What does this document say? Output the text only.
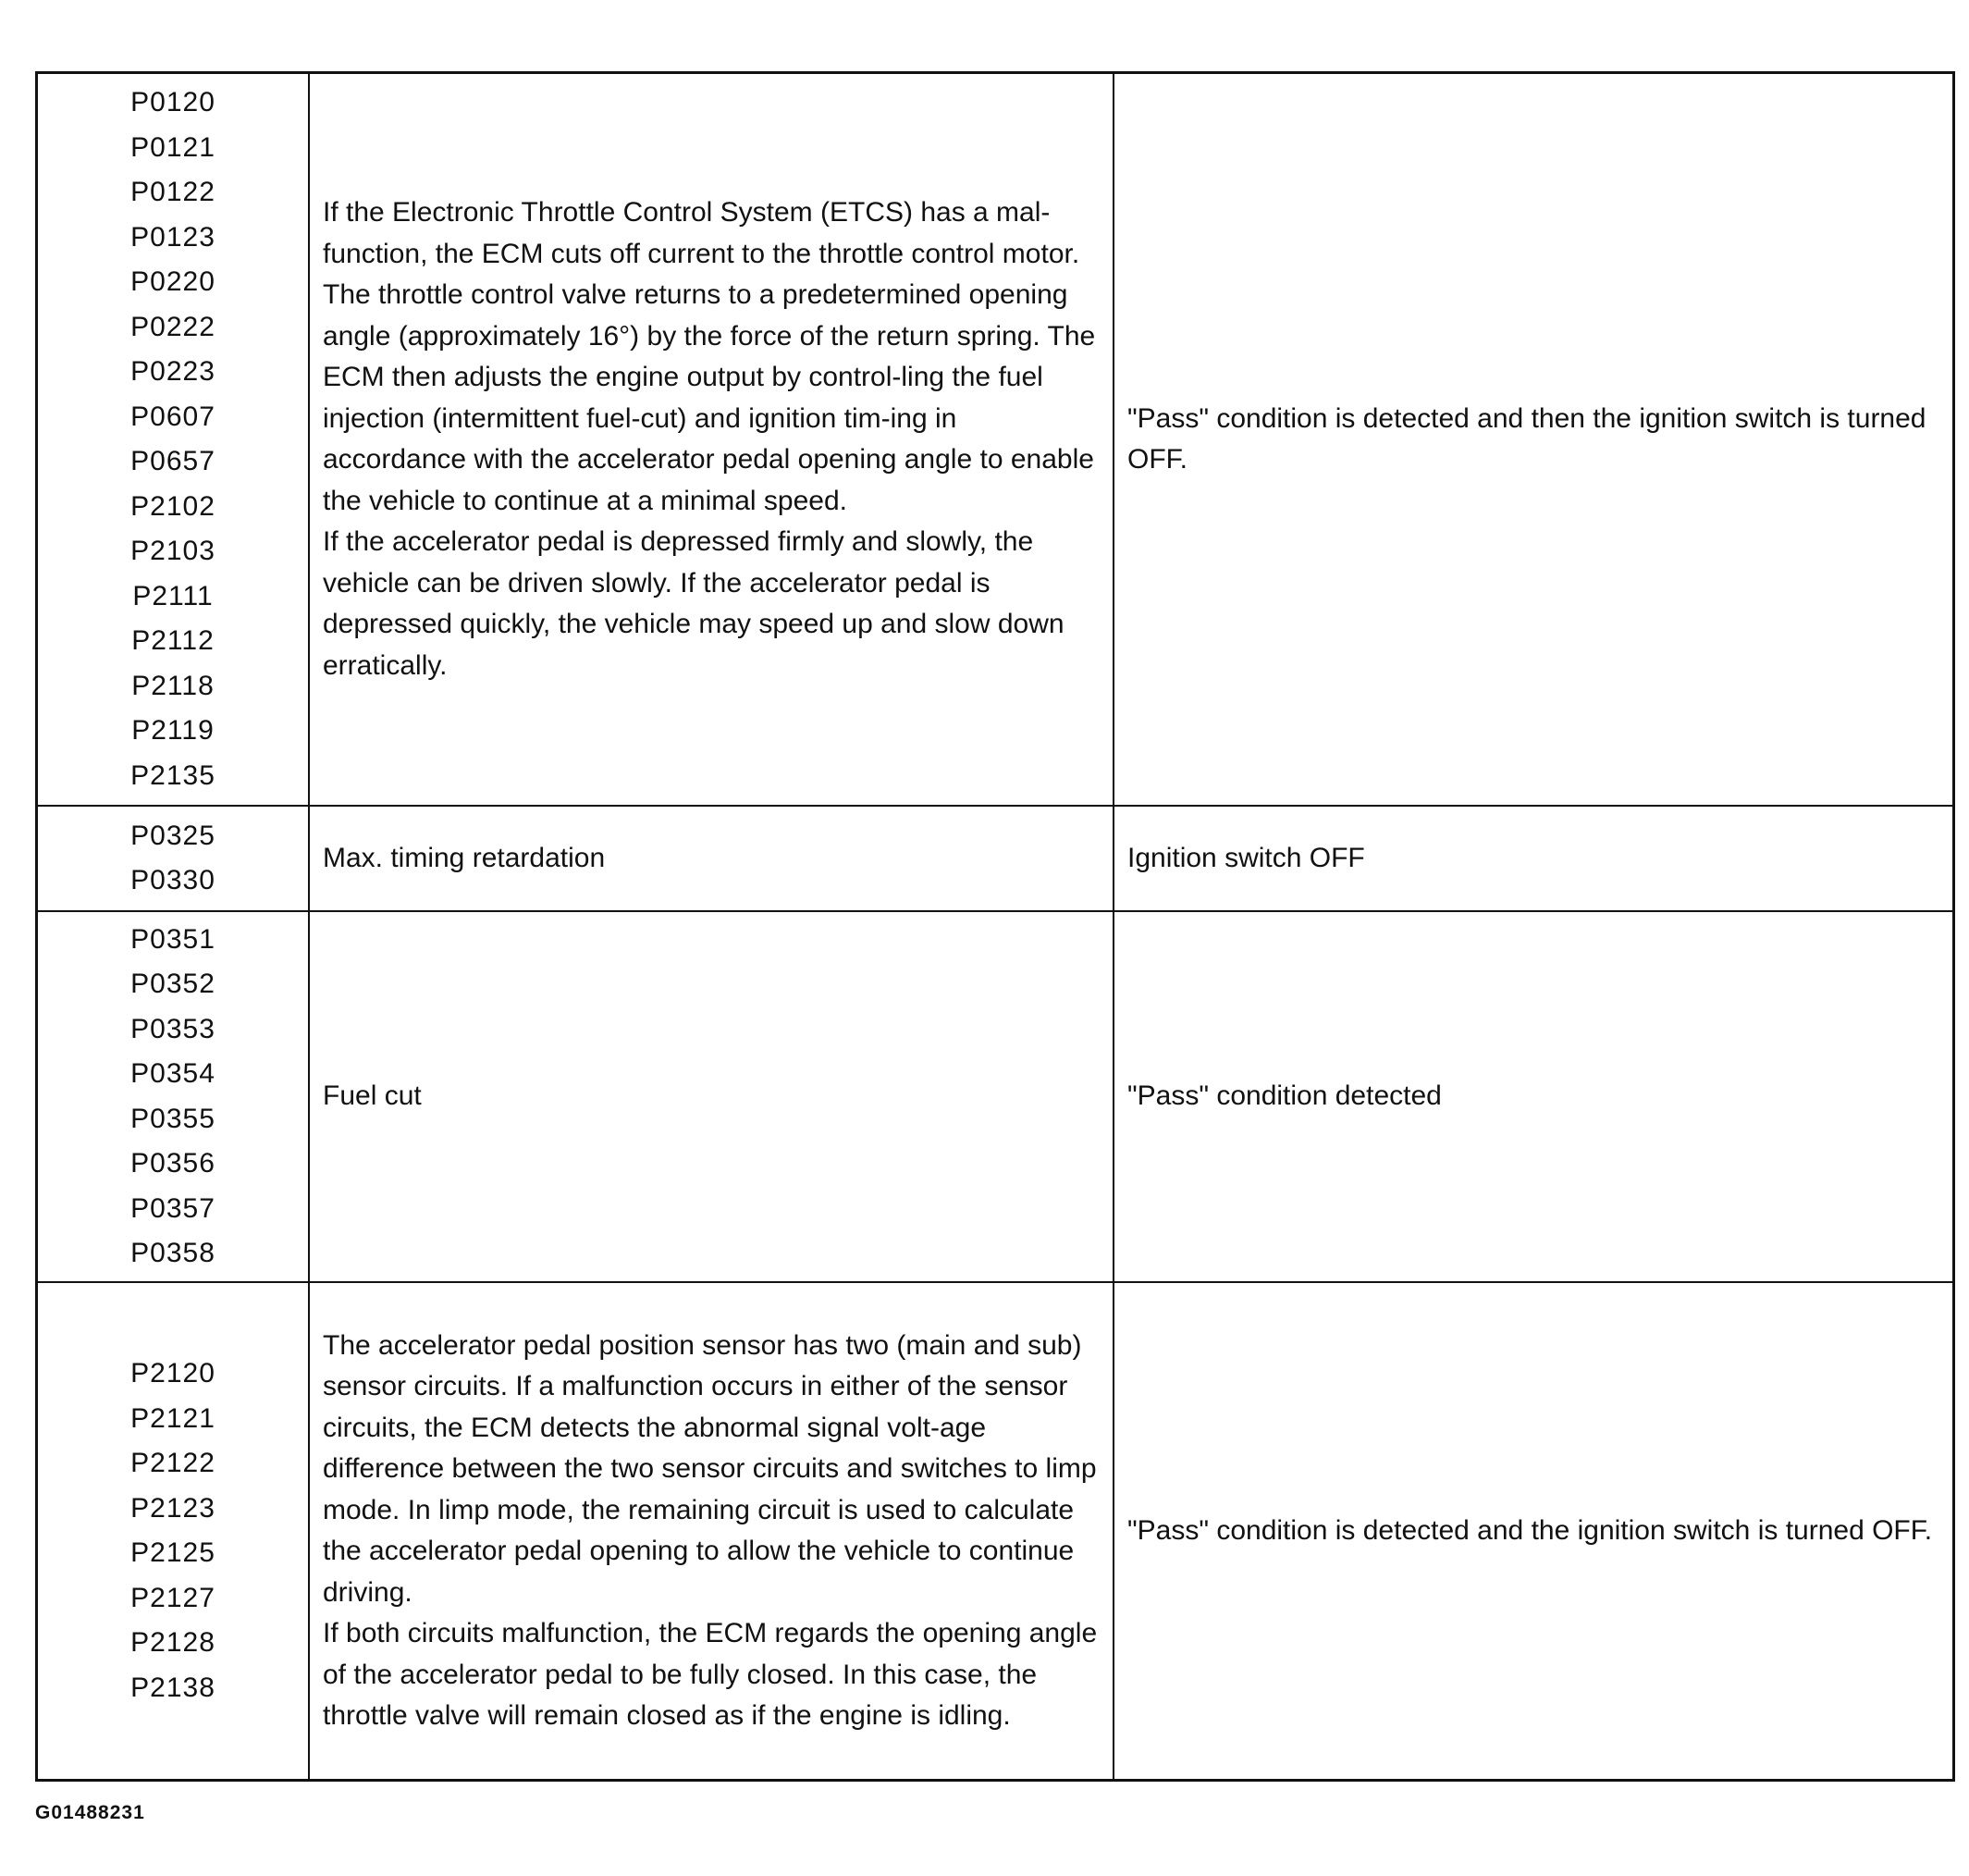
P0120
P0121
P0122
P0123
P0220
P0222
P0223
P0607
P0657
P2102
P2103
P2111
P2112
P2118
P2119
P2135

If the Electronic Throttle Control System (ETCS) has a mal-function, the ECM cuts off current to the throttle control motor. The throttle control valve returns to a predetermined opening angle (approximately 16°) by the force of the return spring. The ECM then adjusts the engine output by control-ling the fuel injection (intermittent fuel-cut) and ignition tim-ing in accordance with the accelerator pedal opening angle to enable the vehicle to continue at a minimal speed.
If the accelerator pedal is depressed firmly and slowly, the vehicle can be driven slowly. If the accelerator pedal is depressed quickly, the vehicle may speed up and slow down erratically.

"Pass" condition is detected and then the ignition switch is turned OFF.

P0325
P0330

Max. timing retardation	Ignition switch OFF

P0351
P0352
P0353
P0354
P0355
P0356
P0357
P0358

Fuel cut	"Pass" condition detected

P2120
P2121
P2122
P2123
P2125
P2127
P2128
P2138

The accelerator pedal position sensor has two (main and sub) sensor circuits. If a malfunction occurs in either of the sensor circuits, the ECM detects the abnormal signal volt-age difference between the two sensor circuits and switches to limp mode. In limp mode, the remaining circuit is used to calculate the accelerator pedal opening to allow the vehicle to continue driving.
If both circuits malfunction, the ECM regards the opening angle of the accelerator pedal to be fully closed. In this case, the throttle valve will remain closed as if the engine is idling.

"Pass" condition is detected and the ignition switch is turned OFF.

G01488231
